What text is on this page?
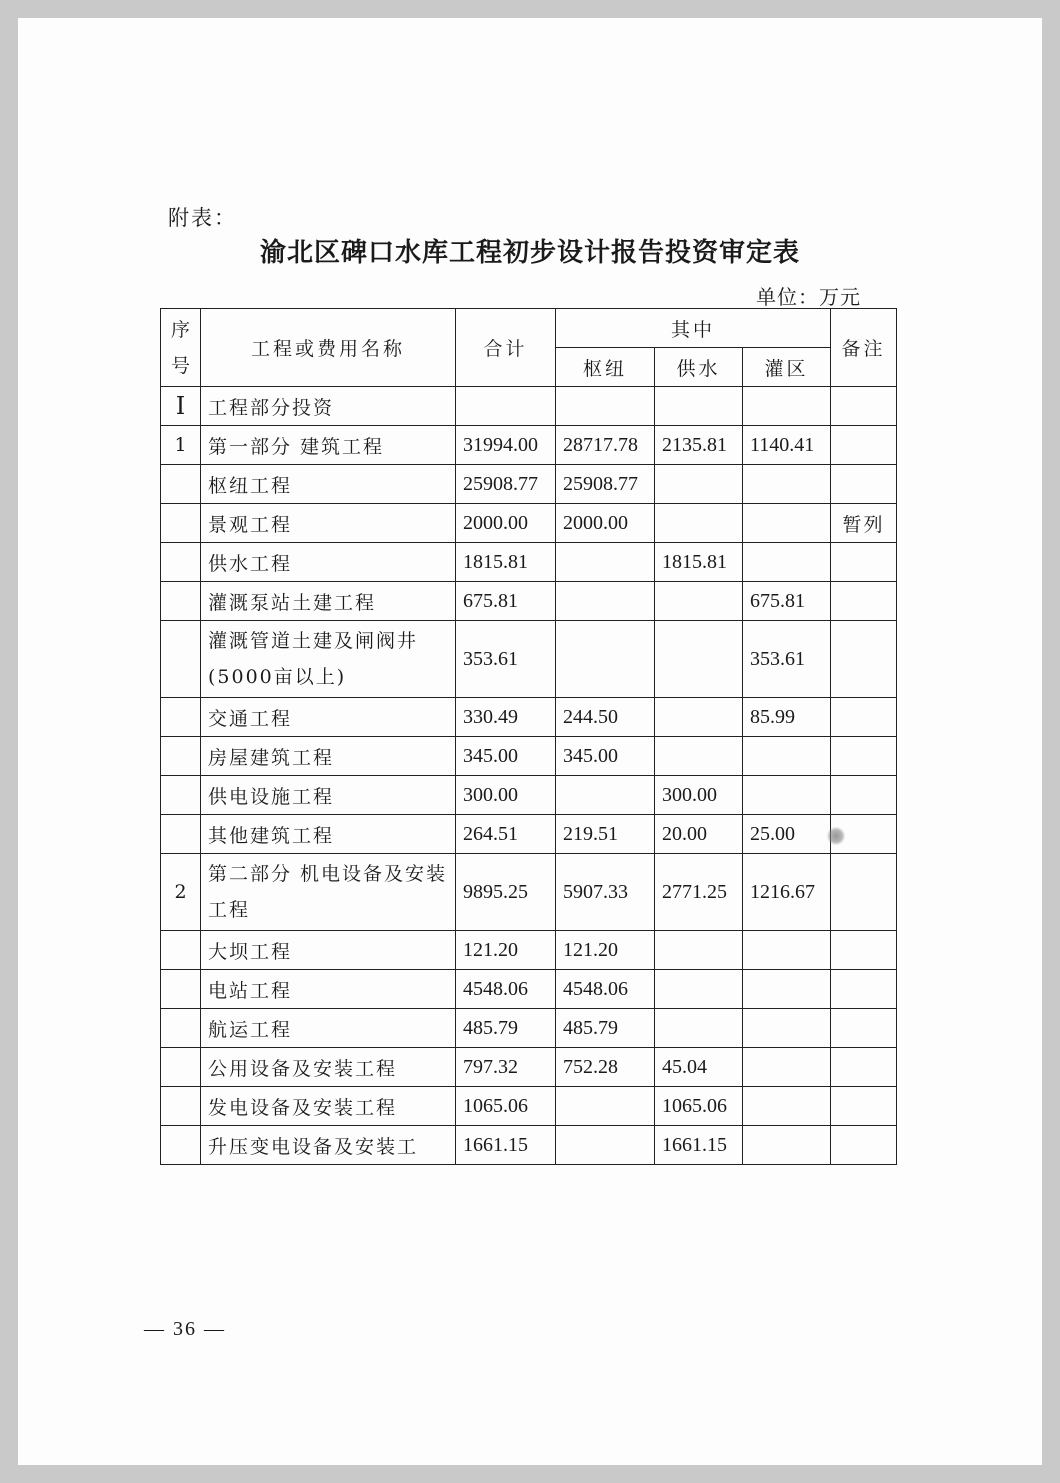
附表：
渝北区碑口水库工程初步设计报告投资审定表
单位：万元
序号	工程或费用名称	合计	其中			备注
			枢纽	供水	灌区	
I	工程部分投资					
1	第一部分 建筑工程	31994.00	28717.78	2135.81	1140.41	
	枢纽工程	25908.77	25908.77			
	景观工程	2000.00	2000.00			暂列
	供水工程	1815.81		1815.81		
	灌溉泵站土建工程	675.81			675.81	
	灌溉管道土建及闸阀井(5000亩以上)	353.61			353.61	
	交通工程	330.49	244.50		85.99	
	房屋建筑工程	345.00	345.00			
	供电设施工程	300.00		300.00		
	其他建筑工程	264.51	219.51	20.00	25.00	
2	第二部分 机电设备及安装工程	9895.25	5907.33	2771.25	1216.67	
	大坝工程	121.20	121.20			
	电站工程	4548.06	4548.06			
	航运工程	485.79	485.79			
	公用设备及安装工程	797.32	752.28	45.04		
	发电设备及安装工程	1065.06		1065.06		
	升压变电设备及安装工	1661.15		1661.15		
— 36 —
